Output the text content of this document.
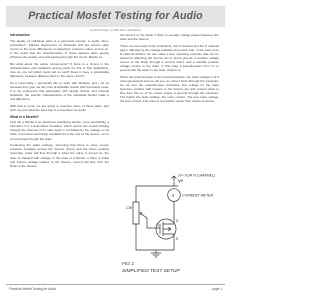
Practical Mosfet Testing for Audio
by Nelson Pass, (c) 2003 Pass Laboratories
Introduction

The quality of individual parts is a perennial concern to audio "do-it-yourselfers". Spirited discussions on DIYaudio and like forums often center on the sonic differences of capacitors, resistors, wires, and so on, in the belief that the characteristics of those passive parts greatly influence the quality of sound passing through the circuit. Maybe so.

But what about the active components? If there is a choice in the characteristics and variations among parts for this or that application, how do you tell which parts will do well? Does it have a predictable difference, between different parts in the same circuit?

As a commodity, I personally like to work with Mosfets, and I do so because they give me the most predictable results with the fewest parts. It is my experience that particularly with simple circuits, and minimal feedback, the specific characteristics of the individual Mosfet make a real difference.

With that in mind, we are going to examine some of these parts, and we'll see just what the best way is to test them for audio.

What is a Mosfet?

First off, a Mosfet is an electronic amplifying device, more specifically, a transistor. It is a field effect transistor, which means the current flowing through the channel of its main body is controlled by the voltage on its Gate, a terminal electrically insulated from the rest of the device, so no current flows through the Gate.

Continuing the water analogy, assuming that there is some source pressure (voltage) across the Source (input) and the Drain (output) terminals, water will flow through it when the valve is turned on, the Gate is charged with voltage. In the case of a Mosfet, if there is Drain and Source voltage relative to the Source, current will flow from the Drain to the Source.

the Source to the Drain if there is enough voltage placed between the Gate and the Source.

There are two basic kinds of Mosfets, the N channel and the P channel types, differing by the voltage polarities they work with. In the case of an N channel Mosfet, we can make a free operating example that can be tested by attaching the Source pin to circuit ground, a positive voltage source to the Drain through a current meter, and a variable positive voltage source to the Gate. In this case a potentiometer from V+ to ground with the wiper to the Gate. (Figure 1)

When the potentiometer is all counterclockwise, the Gate voltage is at 0 volts (grounded) and we will see no current flows through the transistor. As we turn the potentiometer clockwise, the voltage on the Gate becomes positive with respect to the Source pin and current starts to flow from the V+ of the power supply to ground through the transistor. The higher the Gate voltage, the more current. The less Gate voltage, the less current. The point of conduction varies from device to device.

(V+ FOR N CHANNEL)
V+
I CURRENT METER
CW
G
D
S
FIG 1
SIMPLIFIED TEST SETUP
Practical Mosfet Testing for Audio	page 1
